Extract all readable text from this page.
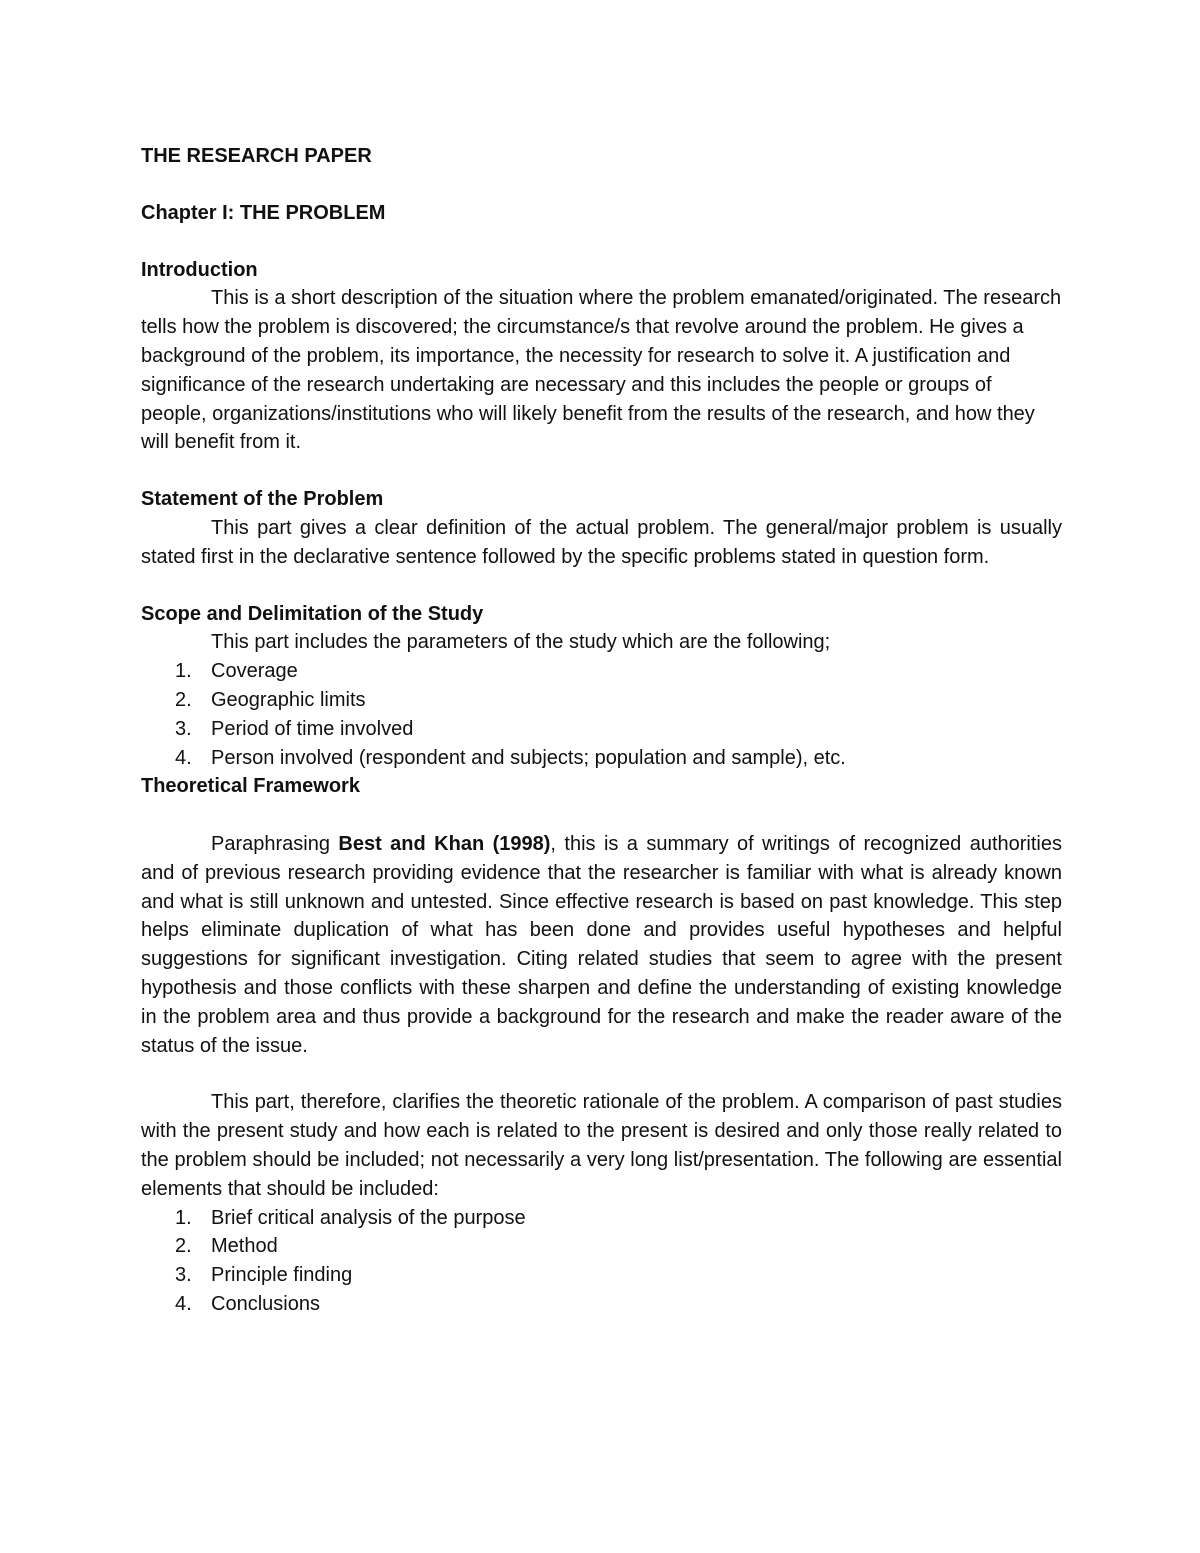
THE RESEARCH PAPER

Chapter I: THE PROBLEM

Introduction

This is a short description of the situation where the problem emanated/originated. The research tells how the problem is discovered; the circumstance/s that revolve around the problem. He gives a background of the problem, its importance, the necessity for research to solve it. A justification and significance of the research undertaking are necessary and this includes the people or groups of people, organizations/institutions who will likely benefit from the results of the research, and how they will benefit from it.

Statement of the Problem

This part gives a clear definition of the actual problem. The general/major problem is usually stated first in the declarative sentence followed by the specific problems stated in question form.

Scope and Delimitation of the Study

This part includes the parameters of the study which are the following;

1. Coverage
2. Geographic limits
3. Period of time involved
4. Person involved (respondent and subjects; population and sample), etc.

Theoretical Framework

Paraphrasing Best and Khan (1998), this is a summary of writings of recognized authorities and of previous research providing evidence that the researcher is familiar with what is already known and what is still unknown and untested. Since effective research is based on past knowledge. This step helps eliminate duplication of what has been done and provides useful hypotheses and helpful suggestions for significant investigation. Citing related studies that seem to agree with the present hypothesis and those conflicts with these sharpen and define the understanding of existing knowledge in the problem area and thus provide a background for the research and make the reader aware of the status of the issue.

This part, therefore, clarifies the theoretic rationale of the problem. A comparison of past studies with the present study and how each is related to the present is desired and only those really related to the problem should be included; not necessarily a very long list/presentation. The following are essential elements that should be included:

1. Brief critical analysis of the purpose
2. Method
3. Principle finding
4. Conclusions
